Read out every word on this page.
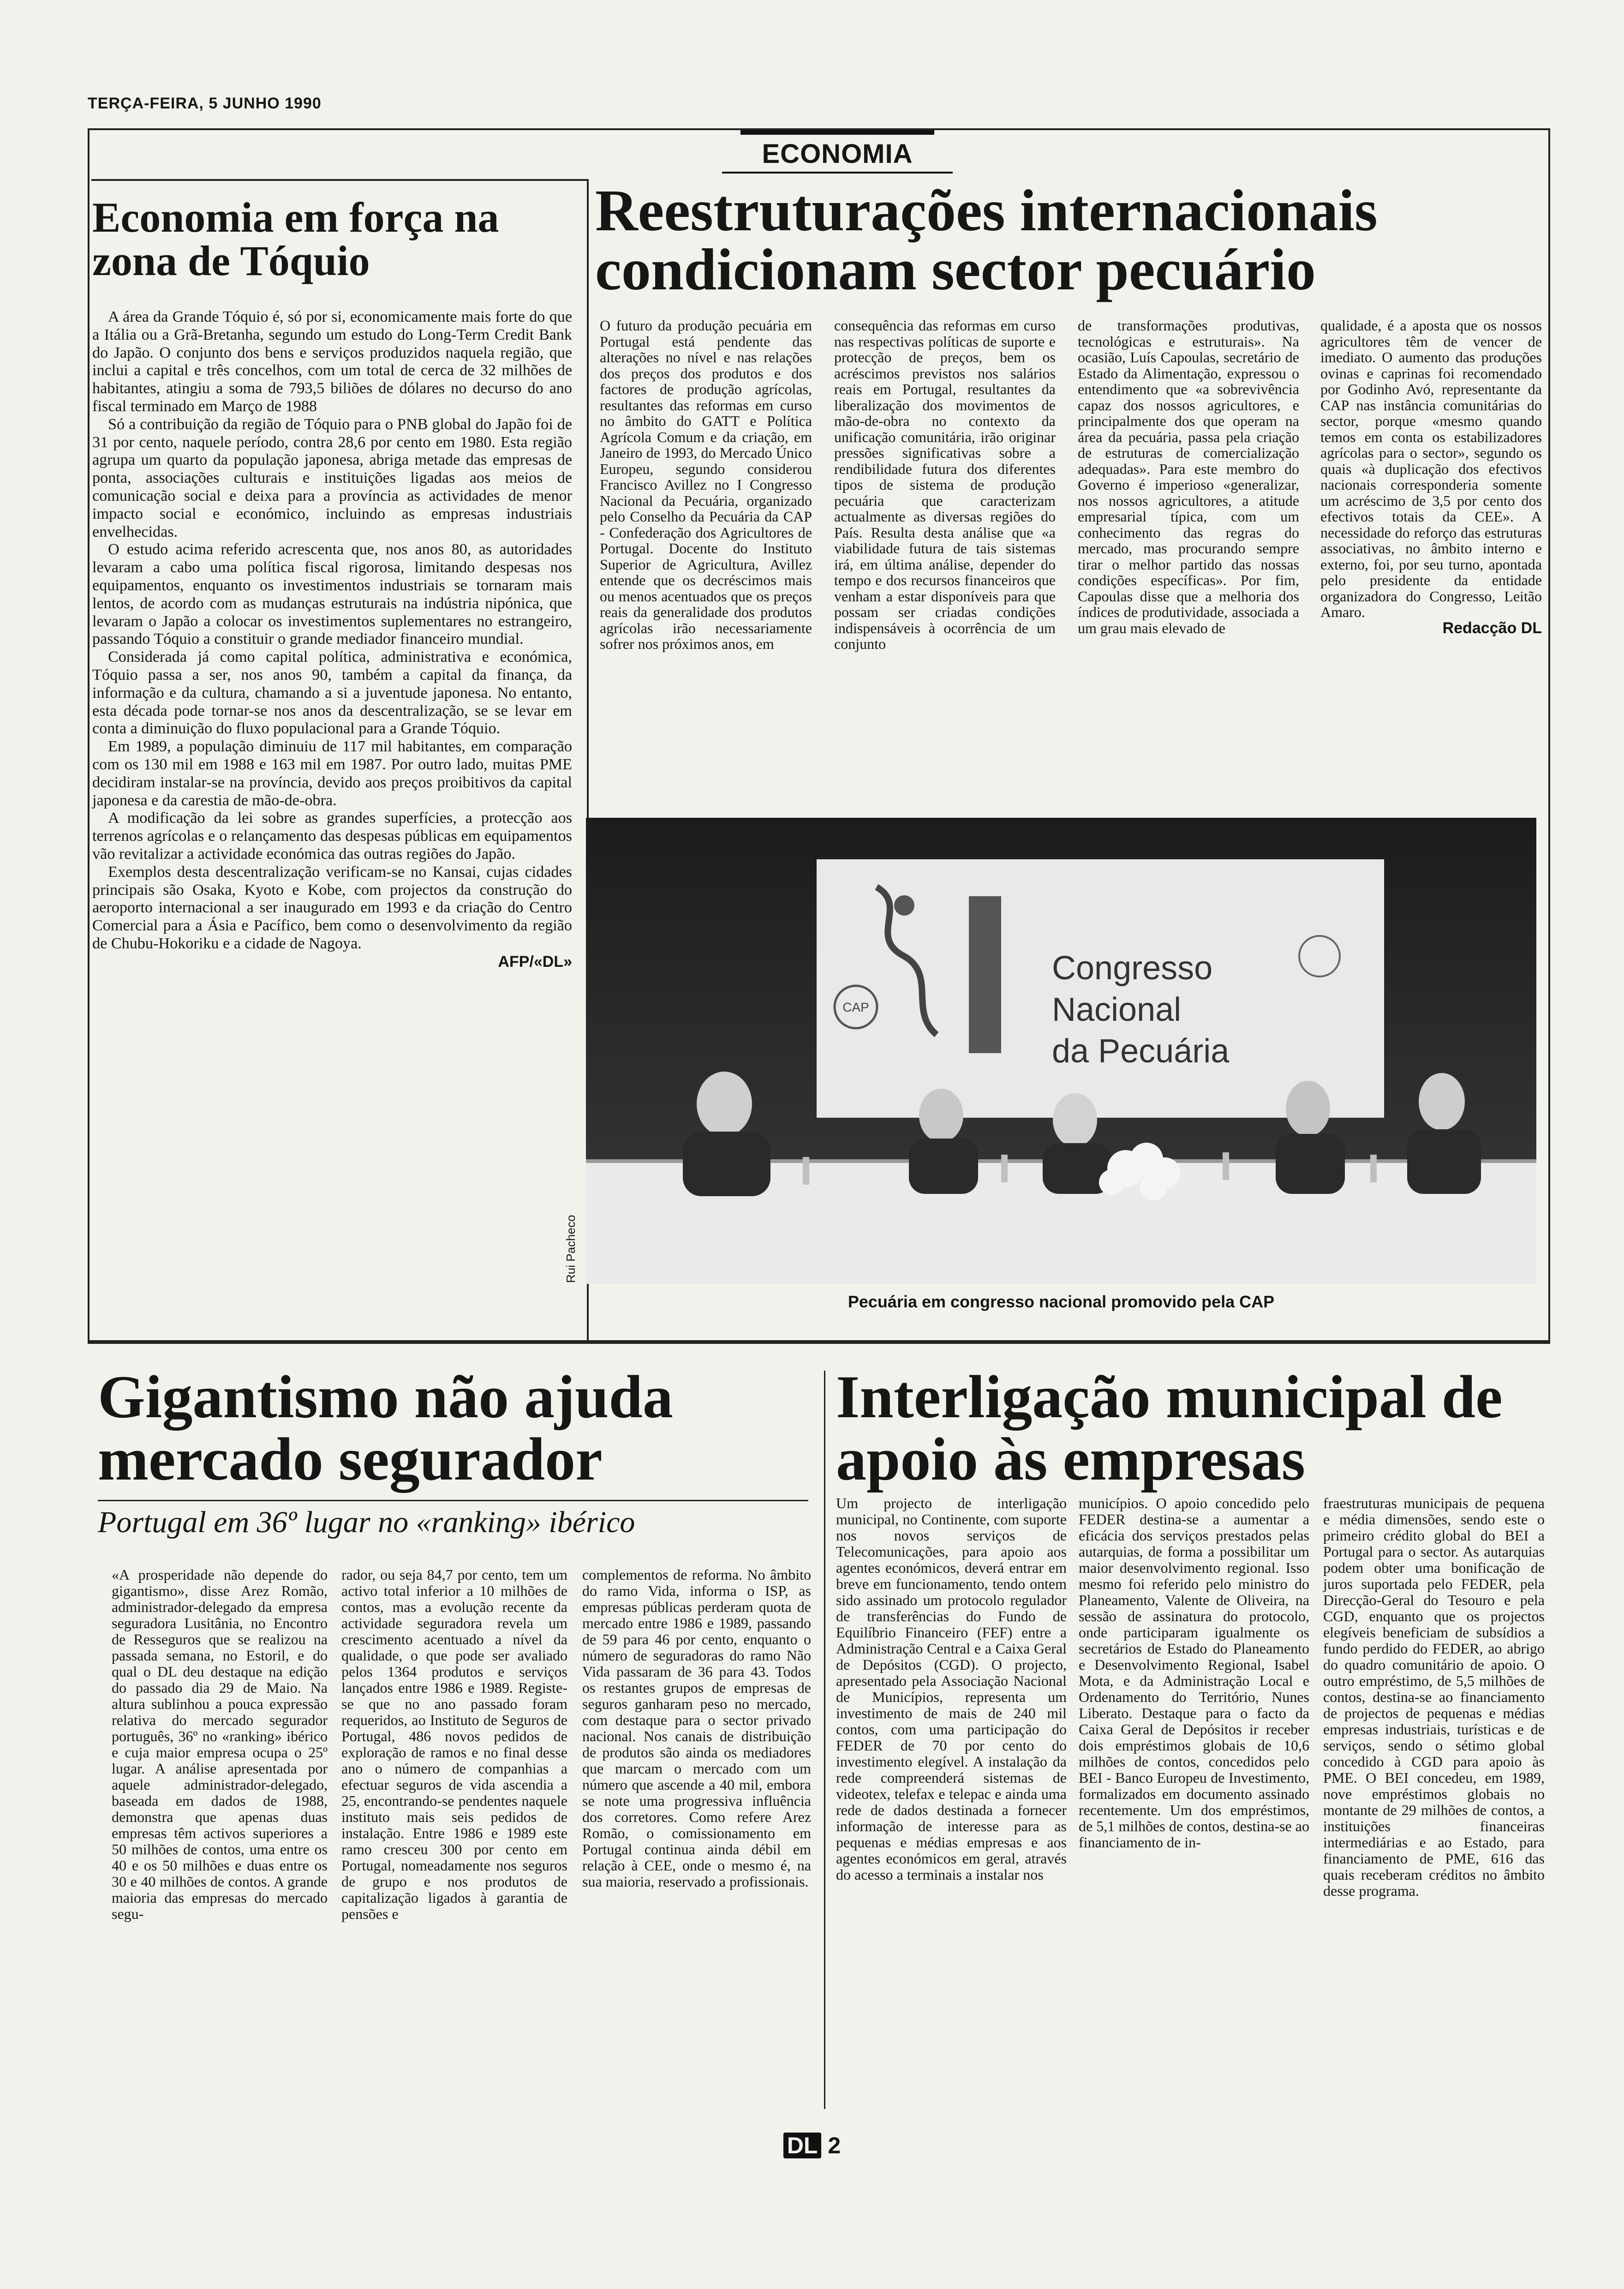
TERÇA-FEIRA, 5 JUNHO 1990
ECONOMIA
Economia em força na zona de Tóquio

A área da Grande Tóquio é, só por si, economicamente mais forte do que a Itália ou a Grã-Bretanha, segundo um estudo do Long-Term Credit Bank do Japão. O conjunto dos bens e serviços produzidos naquela região, que inclui a capital e três concelhos, com um total de cerca de 32 milhões de habitantes, atingiu a soma de 793,5 biliões de dólares no decurso do ano fiscal terminado em Março de 1988

Só a contribuição da região de Tóquio para o PNB global do Japão foi de 31 por cento, naquele período, contra 28,6 por cento em 1980. Esta região agrupa um quarto da população japonesa, abriga metade das empresas de ponta, associações culturais e instituições ligadas aos meios de comunicação social e deixa para a província as actividades de menor impacto social e económico, incluindo as empresas industriais envelhecidas.

O estudo acima referido acrescenta que, nos anos 80, as autoridades levaram a cabo uma política fiscal rigorosa, limitando despesas nos equipamentos, enquanto os investimentos industriais se tornaram mais lentos, de acordo com as mudanças estruturais na indústria nipónica, que levaram o Japão a colocar os investimentos suplementares no estrangeiro, passando Tóquio a constituir o grande mediador financeiro mundial.

Considerada já como capital política, administrativa e económica, Tóquio passa a ser, nos anos 90, também a capital da finança, da informação e da cultura, chamando a si a juventude japonesa. No entanto, esta década pode tornar-se nos anos da descentralização, se se levar em conta a diminuição do fluxo populacional para a Grande Tóquio.

Em 1989, a população diminuiu de 117 mil habitantes, em comparação com os 130 mil em 1988 e 163 mil em 1987. Por outro lado, muitas PME decidiram instalar-se na província, devido aos preços proibitivos da capital japonesa e da carestia de mão-de-obra.

A modificação da lei sobre as grandes superfícies, a protecção aos terrenos agrícolas e o relançamento das despesas públicas em equipamentos vão revitalizar a actividade económica das outras regiões do Japão.

Exemplos desta descentralização verificam-se no Kansai, cujas cidades principais são Osaka, Kyoto e Kobe, com projectos da construção do aeroporto internacional a ser inaugurado em 1993 e da criação do Centro Comercial para a Ásia e Pacífico, bem como o desenvolvimento da região de Chubu-Hokoriku e a cidade de Nagoya.

AFP/«DL»
Reestruturações internacionais condicionam sector pecuário
O futuro da produção pecuária em Portugal está pendente das alterações no nível e nas relações dos preços dos produtos e dos factores de produção agrícolas, resultantes das reformas em curso no âmbito do GATT e Política Agrícola Comum e da criação, em Janeiro de 1993, do Mercado Único Europeu, segundo considerou Francisco Avillez no I Congresso Nacional da Pecuária, organizado pelo Conselho da Pecuária da CAP - Confederação dos Agricultores de Portugal. Docente do Instituto Superior de Agricultura, Avillez entende que os decréscimos mais ou menos acentuados que os preços reais da generalidade dos produtos agrícolas irão necessariamente sofrer nos próximos anos, em
consequência das reformas em curso nas respectivas políticas de suporte e protecção de preços, bem os acréscimos previstos nos salários reais em Portugal, resultantes da liberalização dos movimentos de mão-de-obra no contexto da unificação comunitária, irão originar pressões significativas sobre a rendibilidade futura dos diferentes tipos de sistema de produção pecuária que caracterizam actualmente as diversas regiões do País. Resulta desta análise que «a viabilidade futura de tais sistemas irá, em última análise, depender do tempo e dos recursos financeiros que venham a estar disponíveis para que possam ser criadas condições indispensáveis à ocorrência de um conjunto
de transformações produtivas, tecnológicas e estruturais». Na ocasião, Luís Capoulas, secretário de Estado da Alimentação, expressou o entendimento que «a sobrevivência capaz dos nossos agricultores, e principalmente dos que operam na área da pecuária, passa pela criação de estruturas de comercialização adequadas». Para este membro do Governo é imperioso «generalizar, nos nossos agricultores, a atitude empresarial típica, com um conhecimento das regras do mercado, mas procurando sempre tirar o melhor partido das nossas condições específicas». Por fim, Capoulas disse que a melhoria dos índices de produtividade, associada a um grau mais elevado de
qualidade, é a aposta que os nossos agricultores têm de vencer de imediato. O aumento das produções ovinas e caprinas foi recomendado por Godinho Avó, representante da CAP nas instância comunitárias do sector, porque «mesmo quando temos em conta os estabilizadores agrícolas para o sector», segundo os quais «à duplicação dos efectivos nacionais corresponderia somente um acréscimo de 3,5 por cento dos efectivos totais da CEE». A necessidade do reforço das estruturas associativas, no âmbito interno e externo, foi, por seu turno, apontada pelo presidente da entidade organizadora do Congresso, Leitão Amaro.
Redacção DL
CAP
Congresso
Nacional
da Pecuária
Rui Pacheco
Pecuária em congresso nacional promovido pela CAP
Gigantismo não ajuda mercado segurador
Portugal em 36º lugar no «ranking» ibérico
«A prosperidade não depende do gigantismo», disse Arez Romão, administrador-delegado da empresa seguradora Lusitânia, no Encontro de Resseguros que se realizou na passada semana, no Estoril, e do qual o DL deu destaque na edição do passado dia 29 de Maio. Na altura sublinhou a pouca expressão relativa do mercado segurador português, 36º no «ranking» ibérico e cuja maior empresa ocupa o 25º lugar. A análise apresentada por aquele administrador-delegado, baseada em dados de 1988, demonstra que apenas duas empresas têm activos superiores a 50 milhões de contos, uma entre os 40 e os 50 milhões e duas entre os 30 e 40 milhões de contos. A grande maioria das empresas do mercado segu-
rador, ou seja 84,7 por cento, tem um activo total inferior a 10 milhões de contos, mas a evolução recente da actividade seguradora revela um crescimento acentuado a nível da qualidade, o que pode ser avaliado pelos 1364 produtos e serviços lançados entre 1986 e 1989. Registe-se que no ano passado foram requeridos, ao Instituto de Seguros de Portugal, 486 novos pedidos de exploração de ramos e no final desse ano o número de companhias a efectuar seguros de vida ascendia a 25, encontrando-se pendentes naquele instituto mais seis pedidos de instalação. Entre 1986 e 1989 este ramo cresceu 300 por cento em Portugal, nomeadamente nos seguros de grupo e nos produtos de capitalização ligados à garantia de pensões e
complementos de reforma. No âmbito do ramo Vida, informa o ISP, as empresas públicas perderam quota de mercado entre 1986 e 1989, passando de 59 para 46 por cento, enquanto o número de seguradoras do ramo Não Vida passaram de 36 para 43. Todos os restantes grupos de empresas de seguros ganharam peso no mercado, com destaque para o sector privado nacional. Nos canais de distribuição de produtos são ainda os mediadores que marcam o mercado com um número que ascende a 40 mil, embora se note uma progressiva influência dos corretores. Como refere Arez Romão, o comissionamento em Portugal continua ainda débil em relação à CEE, onde o mesmo é, na sua maioria, reservado a profissionais.
Interligação municipal de apoio às empresas
Um projecto de interligação municipal, no Continente, com suporte nos novos serviços de Telecomunicações, para apoio aos agentes económicos, deverá entrar em breve em funcionamento, tendo ontem sido assinado um protocolo regulador de transferências do Fundo de Equilíbrio Financeiro (FEF) entre a Administração Central e a Caixa Geral de Depósitos (CGD). O projecto, apresentado pela Associação Nacional de Municípios, representa um investimento de mais de 240 mil contos, com uma participação do FEDER de 70 por cento do investimento elegível. A instalação da rede compreenderá sistemas de videotex, telefax e telepac e ainda uma rede de dados destinada a fornecer informação de interesse para as pequenas e médias empresas e aos agentes económicos em geral, através do acesso a terminais a instalar nos
municípios. O apoio concedido pelo FEDER destina-se a aumentar a eficácia dos serviços prestados pelas autarquias, de forma a possibilitar um maior desenvolvimento regional. Isso mesmo foi referido pelo ministro do Planeamento, Valente de Oliveira, na sessão de assinatura do protocolo, onde participaram igualmente os secretários de Estado do Planeamento e Desenvolvimento Regional, Isabel Mota, e da Administração Local e Ordenamento do Território, Nunes Liberato. Destaque para o facto da Caixa Geral de Depósitos ir receber dois empréstimos globais de 10,6 milhões de contos, concedidos pelo BEI - Banco Europeu de Investimento, formalizados em documento assinado recentemente. Um dos empréstimos, de 5,1 milhões de contos, destina-se ao financiamento de in-
fraestruturas municipais de pequena e média dimensões, sendo este o primeiro crédito global do BEI a Portugal para o sector. As autarquias podem obter uma bonificação de juros suportada pelo FEDER, pela Direcção-Geral do Tesouro e pela CGD, enquanto que os projectos elegíveis beneficiam de subsídios a fundo perdido do FEDER, ao abrigo do quadro comunitário de apoio. O outro empréstimo, de 5,5 milhões de contos, destina-se ao financiamento de projectos de pequenas e médias empresas industriais, turísticas e de serviços, sendo o sétimo global concedido à CGD para apoio às PME. O BEI concedeu, em 1989, nove empréstimos globais no montante de 29 milhões de contos, a instituições financeiras intermediárias e ao Estado, para financiamento de PME, 616 das quais receberam créditos no âmbito desse programa.
DL 2
